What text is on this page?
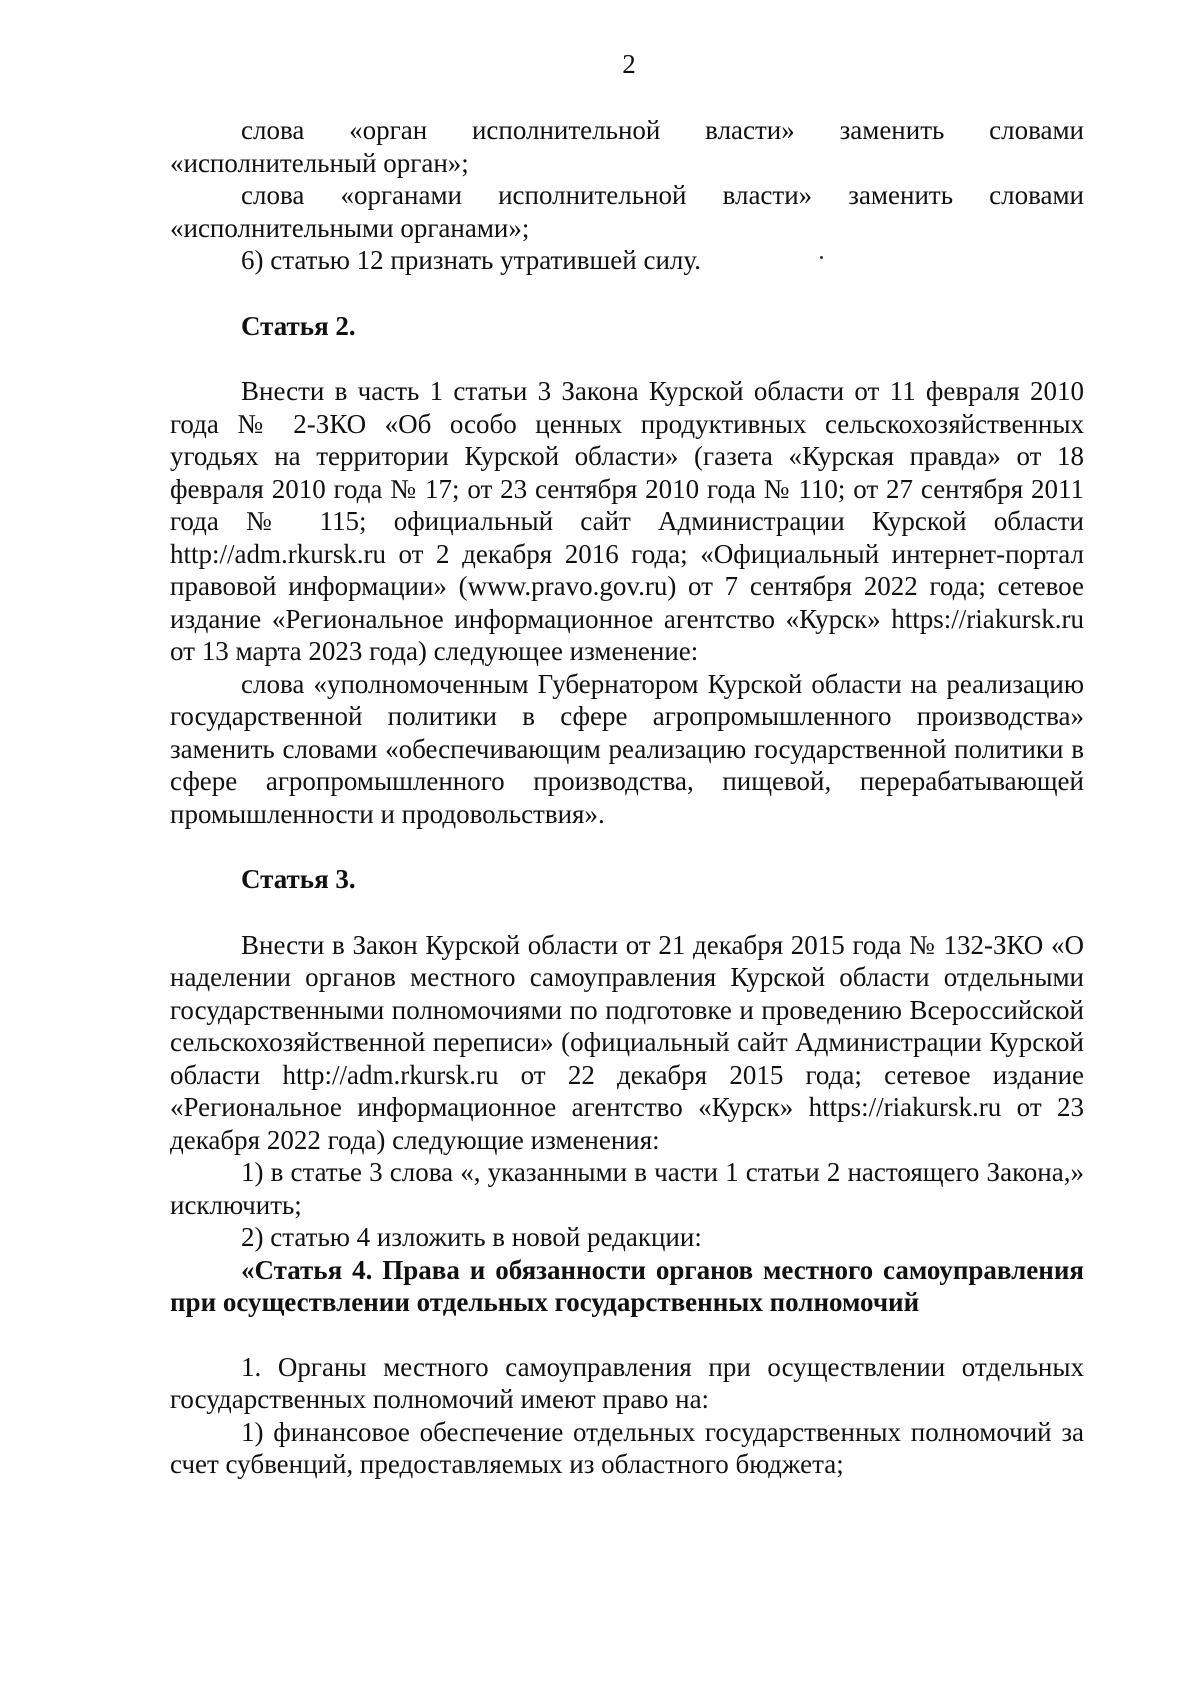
2

слова «орган исполнительной власти» заменить словами «исполнительный орган»;

слова «органами исполнительной власти» заменить словами «исполнительными органами»;

6) статью 12 признать утратившей силу.

Статья 2.

Внести в часть 1 статьи 3 Закона Курской области от 11 февраля 2010 года № 2-ЗКО «Об особо ценных продуктивных сельскохозяйственных угодьях на территории Курской области» (газета «Курская правда» от 18 февраля 2010 года № 17; от 23 сентября 2010 года № 110; от 27 сентября 2011 года № 115; официальный сайт Администрации Курской области http://adm.rkursk.ru от 2 декабря 2016 года; «Официальный интернет-портал правовой информации» (www.pravo.gov.ru) от 7 сентября 2022 года; сетевое издание «Региональное информационное агентство «Курск» https://riakursk.ru от 13 марта 2023 года) следующее изменение:

слова «уполномоченным Губернатором Курской области на реализацию государственной политики в сфере агропромышленного производства» заменить словами «обеспечивающим реализацию государственной политики в сфере агропромышленного производства, пищевой, перерабатывающей промышленности и продовольствия».

Статья 3.

Внести в Закон Курской области от 21 декабря 2015 года № 132-ЗКО «О наделении органов местного самоуправления Курской области отдельными государственными полномочиями по подготовке и проведению Всероссийской сельскохозяйственной переписи» (официальный сайт Администрации Курской области http://adm.rkursk.ru от 22 декабря 2015 года; сетевое издание «Региональное информационное агентство «Курск» https://riakursk.ru от 23 декабря 2022 года) следующие изменения:

1) в статье 3 слова «, указанными в части 1 статьи 2 настоящего Закона,» исключить;

2) статью 4 изложить в новой редакции:

«Статья 4. Права и обязанности органов местного самоуправления при осуществлении отдельных государственных полномочий

1. Органы местного самоуправления при осуществлении отдельных государственных полномочий имеют право на:

1) финансовое обеспечение отдельных государственных полномочий за счет субвенций, предоставляемых из областного бюджета;
